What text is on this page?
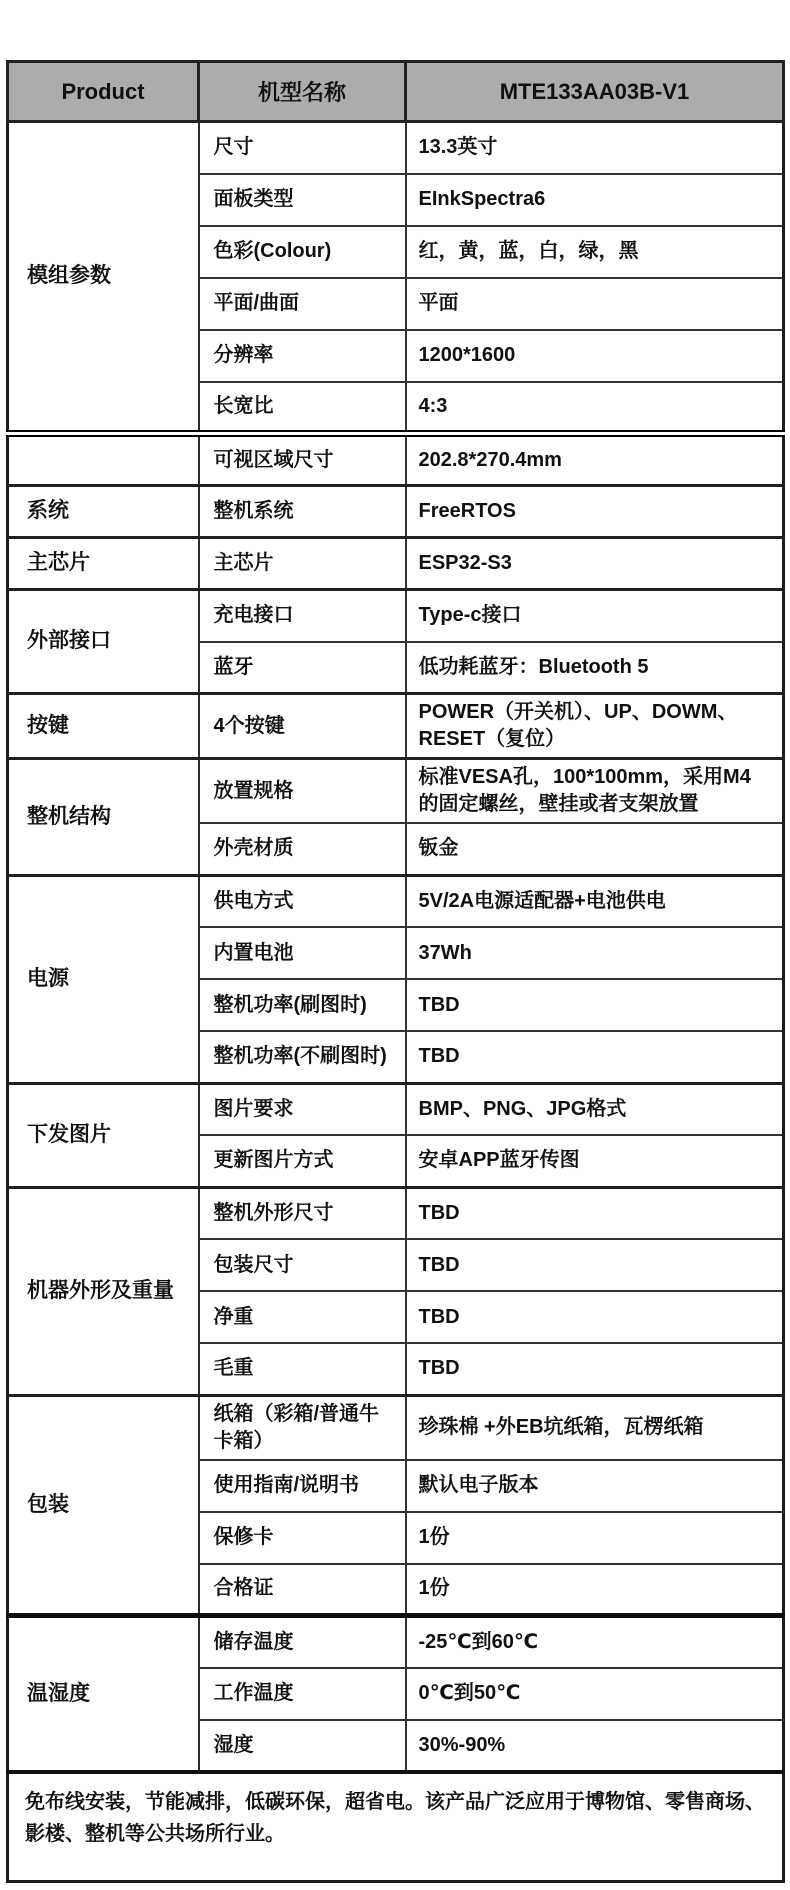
Product	机型名称	MTE133AA03B-V1
模组参数	尺寸	13.3英寸
	面板类型	EInkSpectra6
	色彩(Colour)	红，黄，蓝，白，绿，黑
	平面/曲面	平面
	分辨率	1200*1600
	长宽比	4:3
	可视区域尺寸	202.8*270.4mm
系统	整机系统	FreeRTOS
主芯片	主芯片	ESP32-S3
外部接口	充电接口	Type-c接口
	蓝牙	低功耗蓝牙：Bluetooth 5
按键	4个按键	POWER（开关机）、UP、DOWM、RESET（复位）
整机结构	放置规格	标准VESA孔，100*100mm，采用M4的固定螺丝，壁挂或者支架放置
	外壳材质	钣金
电源	供电方式	5V/2A电源适配器+电池供电
	内置电池	37Wh
	整机功率(刷图时)	TBD
	整机功率(不刷图时)	TBD
下发图片	图片要求	BMP、PNG、JPG格式
	更新图片方式	安卓APP蓝牙传图
机器外形及重量	整机外形尺寸	TBD
	包装尺寸	TBD
	净重	TBD
	毛重	TBD
包装	纸箱（彩箱/普通牛卡箱）	珍珠棉 +外EB坑纸箱，瓦楞纸箱
	使用指南/说明书	默认电子版本
	保修卡	1份
	合格证	1份
温湿度	储存温度	-25℃到60℃
	工作温度	0℃到50℃
	湿度	30%-90%
免布线安装，节能减排，低碳环保，超省电。该产品广泛应用于博物馆、零售商场、影楼、整机等公共场所行业。		
